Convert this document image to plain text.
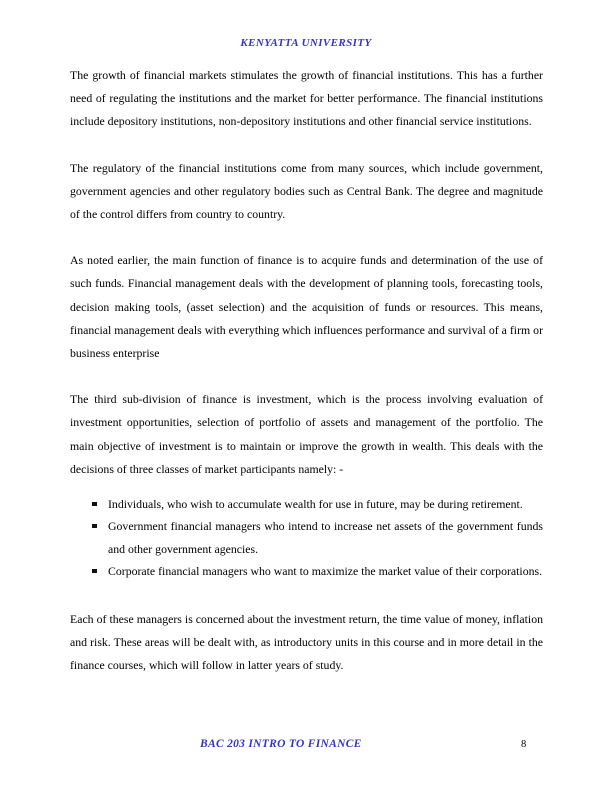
KENYATTA UNIVERSITY

The growth of financial markets stimulates the growth of financial institutions. This has a further need of regulating the institutions and the market for better performance. The financial institutions include depository institutions, non-depository institutions and other financial service institutions.

The regulatory of the financial institutions come from many sources, which include government, government agencies and other regulatory bodies such as Central Bank. The degree and magnitude of the control differs from country to country.

As noted earlier, the main function of finance is to acquire funds and determination of the use of such funds. Financial management deals with the development of planning tools, forecasting tools, decision making tools, (asset selection) and the acquisition of funds or resources. This means, financial management deals with everything which influences performance and survival of a firm or business enterprise

The third sub-division of finance is investment, which is the process involving evaluation of investment opportunities, selection of portfolio of assets and management of the portfolio. The main objective of investment is to maintain or improve the growth in wealth. This deals with the decisions of three classes of market participants namely: -

Individuals, who wish to accumulate wealth for use in future, may be during retirement.
Government financial managers who intend to increase net assets of the government funds and other government agencies.
Corporate financial managers who want to maximize the market value of their corporations.

Each of these managers is concerned about the investment return, the time value of money, inflation and risk. These areas will be dealt with, as introductory units in this course and in more detail in the finance courses, which will follow in latter years of study.

BAC 203 INTRO TO FINANCE	8
